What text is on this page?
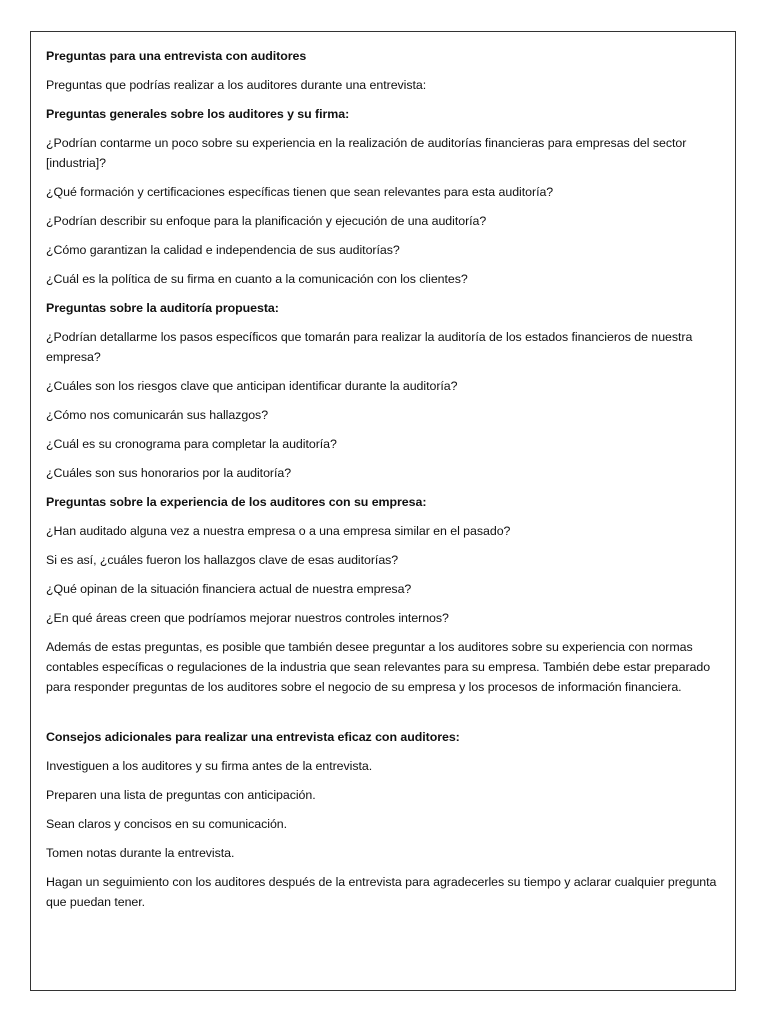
Preguntas para una entrevista con auditores

Preguntas que podrías realizar a los auditores durante una entrevista:

Preguntas generales sobre los auditores y su firma:

¿Podrían contarme un poco sobre su experiencia en la realización de auditorías financieras para empresas del sector [industria]?

¿Qué formación y certificaciones específicas tienen que sean relevantes para esta auditoría?

¿Podrían describir su enfoque para la planificación y ejecución de una auditoría?

¿Cómo garantizan la calidad e independencia de sus auditorías?

¿Cuál es la política de su firma en cuanto a la comunicación con los clientes?

Preguntas sobre la auditoría propuesta:

¿Podrían detallarme los pasos específicos que tomarán para realizar la auditoría de los estados financieros de nuestra empresa?

¿Cuáles son los riesgos clave que anticipan identificar durante la auditoría?

¿Cómo nos comunicarán sus hallazgos?

¿Cuál es su cronograma para completar la auditoría?

¿Cuáles son sus honorarios por la auditoría?

Preguntas sobre la experiencia de los auditores con su empresa:

¿Han auditado alguna vez a nuestra empresa o a una empresa similar en el pasado?

Si es así, ¿cuáles fueron los hallazgos clave de esas auditorías?

¿Qué opinan de la situación financiera actual de nuestra empresa?

¿En qué áreas creen que podríamos mejorar nuestros controles internos?

Además de estas preguntas, es posible que también desee preguntar a los auditores sobre su experiencia con normas contables específicas o regulaciones de la industria que sean relevantes para su empresa. También debe estar preparado para responder preguntas de los auditores sobre el negocio de su empresa y los procesos de información financiera.

Consejos adicionales para realizar una entrevista eficaz con auditores:

Investiguen a los auditores y su firma antes de la entrevista.

Preparen una lista de preguntas con anticipación.

Sean claros y concisos en su comunicación.

Tomen notas durante la entrevista.

Hagan un seguimiento con los auditores después de la entrevista para agradecerles su tiempo y aclarar cualquier pregunta que puedan tener.
